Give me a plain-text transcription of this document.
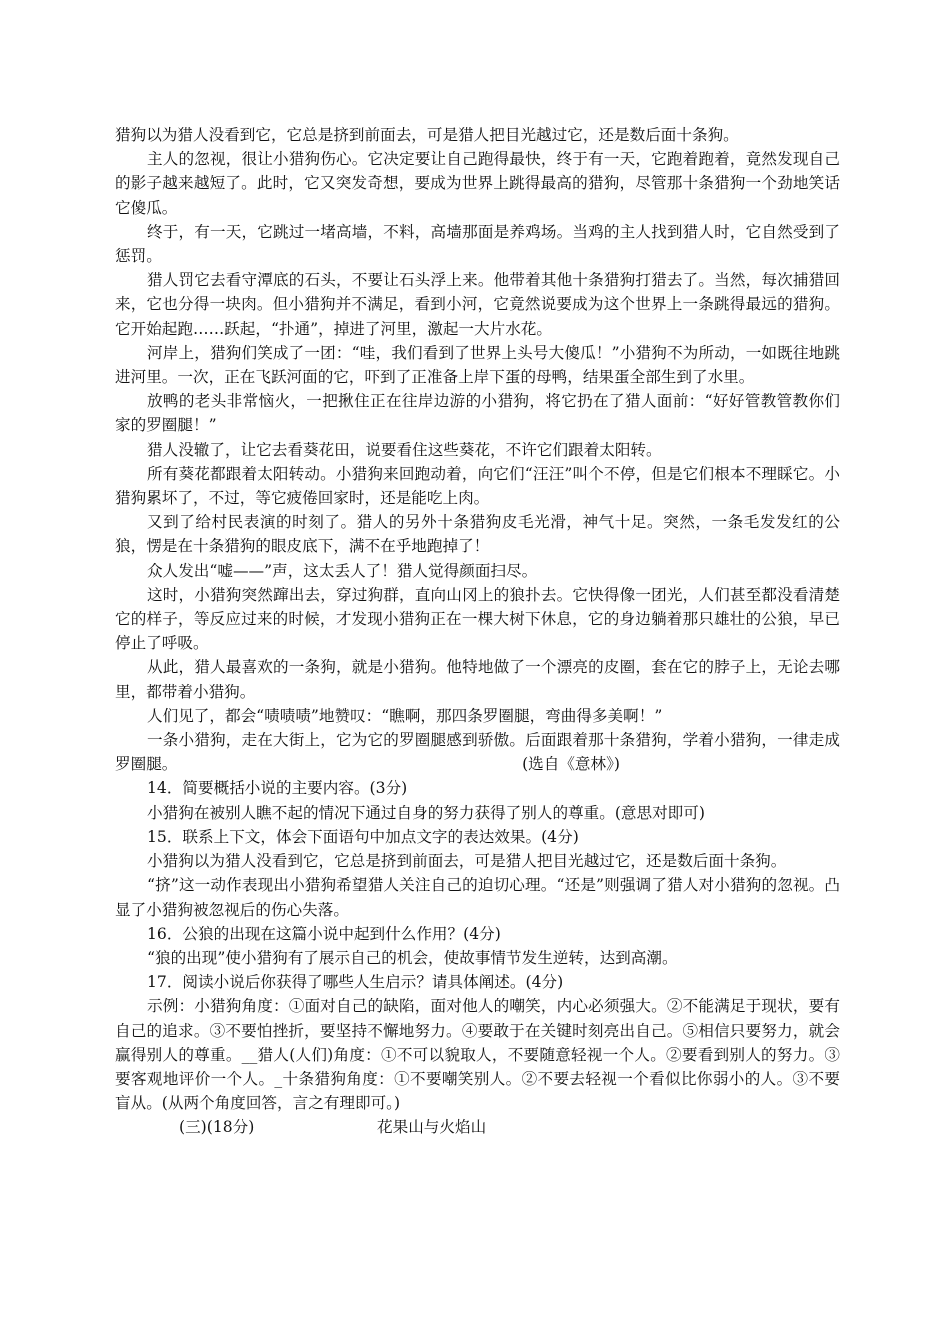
猎狗以为猎人没看到它，它总是挤到前面去，可是猎人把目光越过它，还是数后面十条狗。

主人的忽视，很让小猎狗伤心。它决定要让自己跑得最快，终于有一天，它跑着跑着，竟然发现自己的影子越来越短了。此时，它又突发奇想，要成为世界上跳得最高的猎狗，尽管那十条猎狗一个劲地笑话它傻瓜。

终于，有一天，它跳过一堵高墙，不料，高墙那面是养鸡场。当鸡的主人找到猎人时，它自然受到了惩罚。

猎人罚它去看守潭底的石头，不要让石头浮上来。他带着其他十条猎狗打猎去了。当然，每次捕猎回来，它也分得一块肉。但小猎狗并不满足，看到小河，它竟然说要成为这个世界上一条跳得最远的猎狗。它开始起跑……跃起，“扑通”，掉进了河里，激起一大片水花。

河岸上，猎狗们笑成了一团：“哇，我们看到了世界上头号大傻瓜！”小猎狗不为所动，一如既往地跳进河里。一次，正在飞跃河面的它，吓到了正准备上岸下蛋的母鸭，结果蛋全部生到了水里。

放鸭的老头非常恼火，一把揪住正在往岸边游的小猎狗，将它扔在了猎人面前：“好好管教管教你们家的罗圈腿！”

猎人没辙了，让它去看葵花田，说要看住这些葵花，不许它们跟着太阳转。

所有葵花都跟着太阳转动。小猎狗来回跑动着，向它们“汪汪”叫个不停，但是它们根本不理睬它。小猎狗累坏了，不过，等它疲倦回家时，还是能吃上肉。

又到了给村民表演的时刻了。猎人的另外十条猎狗皮毛光滑，神气十足。突然，一条毛发发红的公狼，愣是在十条猎狗的眼皮底下，满不在乎地跑掉了！

众人发出“嘘——”声，这太丢人了！猎人觉得颜面扫尽。

这时，小猎狗突然蹿出去，穿过狗群，直向山冈上的狼扑去。它快得像一团光，人们甚至都没看清楚它的样子，等反应过来的时候，才发现小猎狗正在一棵大树下休息，它的身边躺着那只雄壮的公狼，早已停止了呼吸。

从此，猎人最喜欢的一条狗，就是小猎狗。他特地做了一个漂亮的皮圈，套在它的脖子上，无论去哪里，都带着小猎狗。

人们见了，都会“啧啧啧”地赞叹：“瞧啊，那四条罗圈腿，弯曲得多美啊！”

一条小猎狗，走在大街上，它为它的罗圈腿感到骄傲。后面跟着那十条猎狗，学着小猎狗，一律走成罗圈腿。	(选自《意林》)

14．简要概括小说的主要内容。(3分)

小猎狗在被别人瞧不起的情况下通过自身的努力获得了别人的尊重。(意思对即可)

15．联系上下文，体会下面语句中加点文字的表达效果。(4分)

小猎狗以为猎人没看到它，它总是挤到前面去，可是猎人把目光越过它，还是数后面十条狗。

“挤”这一动作表现出小猎狗希望猎人关注自己的迫切心理。“还是”则强调了猎人对小猎狗的忽视。凸显了小猎狗被忽视后的伤心失落。

16．公狼的出现在这篇小说中起到什么作用？(4分)

“狼的出现”使小猎狗有了展示自己的机会，使故事情节发生逆转，达到高潮。

17．阅读小说后你获得了哪些人生启示？请具体阐述。(4分)

示例：小猎狗角度：①面对自己的缺陷，面对他人的嘲笑，内心必须强大。②不能满足于现状，要有自己的追求。③不要怕挫折，要坚持不懈地努力。④要敢于在关键时刻亮出自己。⑤相信只要努力，就会赢得别人的尊重。__猎人(人们)角度：①不可以貌取人，不要随意轻视一个人。②要看到别人的努力。③要客观地评价一个人。_十条猎狗角度：①不要嘲笑别人。②不要去轻视一个看似比你弱小的人。③不要盲从。(从两个角度回答，言之有理即可。)

(三)(18分)	花果山与火焰山
